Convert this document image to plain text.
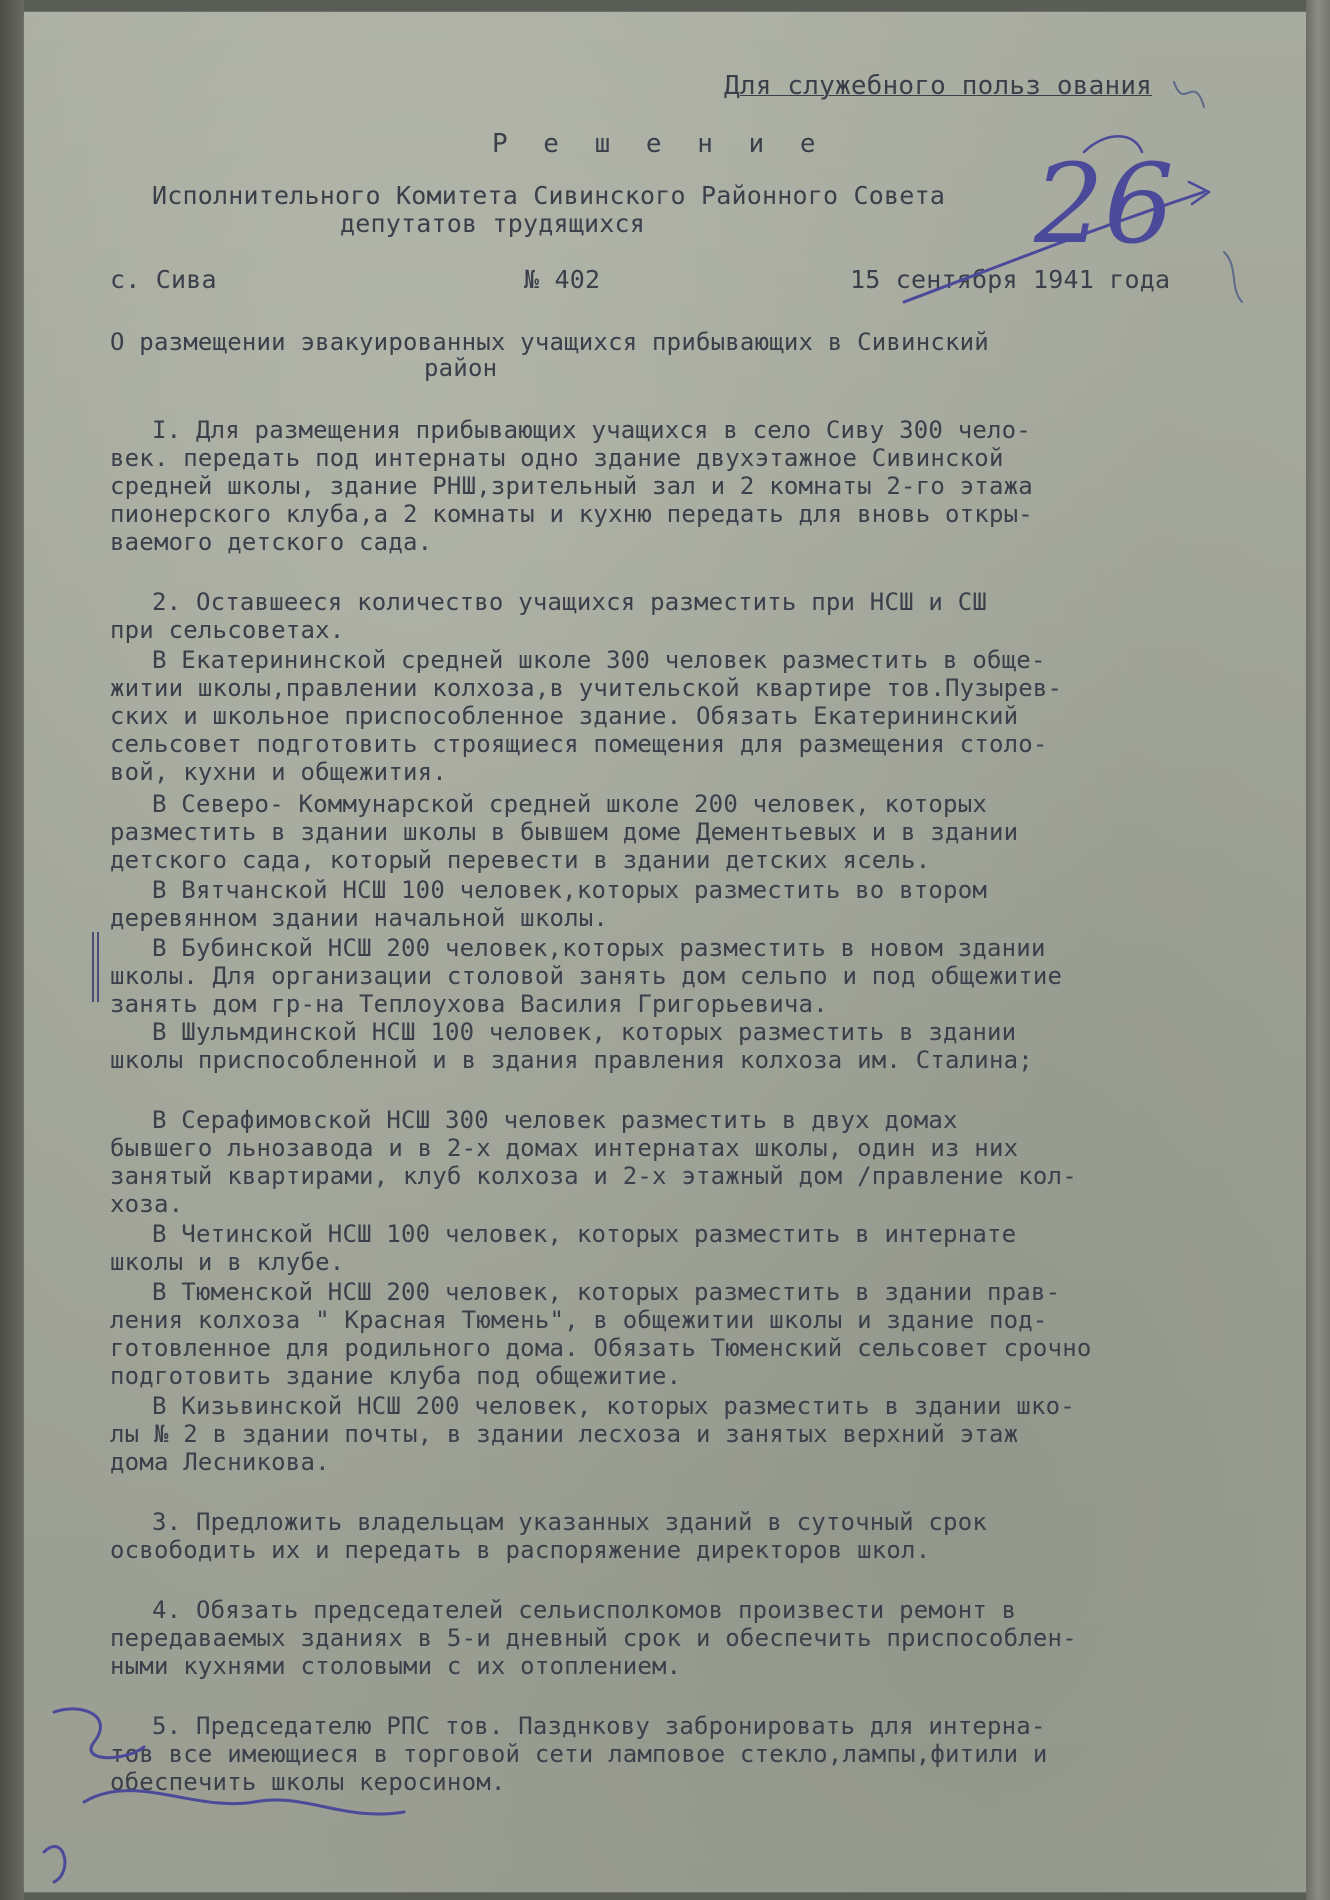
Для служебного польз ования
Р е ш е н и е
Исполнительного Комитета Сивинского Районного Совета
депутатов трудящихся
с. Сива	№ 402	15 сентября 1941 года
О размещении эвакуированных учащихся прибывающих в Сивинский
район
I. Для размещения прибывающих учащихся в село Сиву 300 чело-
век. передать под интернаты одно здание двухэтажное Сивинской
средней школы, здание РНШ,зрительный зал и 2 комнаты 2-го этажа
пионерского клуба,а 2 комнаты и кухню передать для вновь откры-
ваемого детского сада.
2. Оставшееся количество учащихся разместить при НСШ и СШ
при сельсоветах.
В Екатерининской средней школе 300 человек разместить в обще-
житии школы,правлении колхоза,в учительской квартире тов.Пузырев-
ских и школьное приспособленное здание. Обязать Екатерининский
сельсовет подготовить строящиеся помещения для размещения столо-
вой, кухни и общежития.
В Северо- Коммунарской средней школе 200 человек, которых
разместить в здании школы в бывшем доме Дементьевых и в здании
детского сада, который перевести в здании детских ясель.
В Вятчанской НСШ 100 человек,которых разместить во втором
деревянном здании начальной школы.
В Бубинской НСШ 200 человек,которых разместить в новом здании
школы. Для организации столовой занять дом сельпо и под общежитие
занять дом гр-на Теплоухова Василия Григорьевича.
В Шульмдинской НСШ 100 человек, которых разместить в здании
школы приспособленной и в здания правления колхоза им. Сталина;
В Серафимовской НСШ 300 человек разместить в двух домах
бывшего льнозавода и в 2-х домах интернатах школы, один из них
занятый квартирами, клуб колхоза и 2-х этажный дом /правление кол-
хоза.
В Четинской НСШ 100 человек, которых разместить в интернате
школы и в клубе.
В Тюменской НСШ 200 человек, которых разместить в здании прав-
ления колхоза " Красная Тюмень", в общежитии школы и здание под-
готовленное для родильного дома. Обязать Тюменский сельсовет срочно
подготовить здание клуба под общежитие.
В Кизьвинской НСШ 200 человек, которых разместить в здании шко-
лы № 2 в здании почты, в здании лесхоза и занятых верхний этаж
дома Лесникова.
3. Предложить владельцам указанных зданий в суточный срок
освободить их и передать в распоряжение директоров школ.
4. Обязать председателей сельисполкомов произвести ремонт в
передаваемых зданиях в 5-и дневный срок и обеспечить приспособлен-
ными кухнями столовыми с их отоплением.
5. Председателю РПС тов. Пазднкову забронировать для интерна-
тов все имеющиеся в торговой сети ламповое стекло,лампы,фитили и
обеспечить школы керосином.
26
